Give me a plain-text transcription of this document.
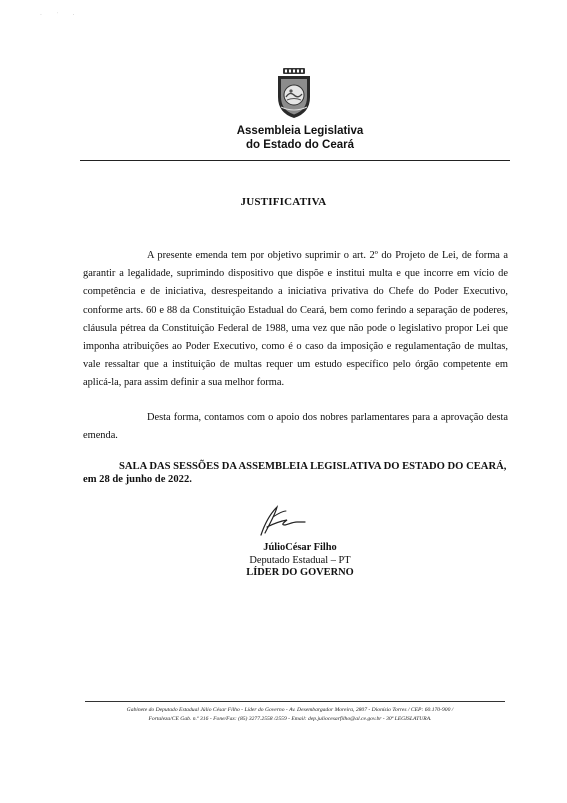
· ˙ ·
Assembleia Legislativa
do Estado do Ceará
JUSTIFICATIVA
A presente emenda tem por objetivo suprimir o art. 2º do Projeto de Lei, de forma a garantir a legalidade, suprimindo dispositivo que dispõe e institui multa e que incorre em vício de competência e de iniciativa, desrespeitando a iniciativa privativa do Chefe do Poder Executivo, conforme arts. 60 e 88 da Constituição Estadual do Ceará, bem como ferindo a separação de poderes, cláusula pétrea da Constituição Federal de 1988, uma vez que não pode o legislativo propor Lei que imponha atribuições ao Poder Executivo, como é o caso da imposição e regulamentação de multas, vale ressaltar que a instituição de multas requer um estudo específico pelo órgão competente em aplicá-la, para assim definir a sua melhor forma.
Desta forma, contamos com o apoio dos nobres parlamentares para a aprovação desta emenda.
SALA DAS SESSÕES DA ASSEMBLEIA LEGISLATIVA DO ESTADO DO CEARÁ,
em 28 de junho de 2022.
JúlioCésar Filho
Deputado Estadual – PT
LÍDER DO GOVERNO
Gabinete do Deputado Estadual Júlio César Filho - Líder do Governo - Av. Desembargador Moreira, 2807 - Dionísio Torres / CEP: 60.170-900 /
Fortaleza/CE Gab. n.º 316 - Fone/Fax: (85) 3277.2558 /2559 - Email: dep.juliocesarfilho@al.ce.gov.br - 30ª LEGISLATURA.
